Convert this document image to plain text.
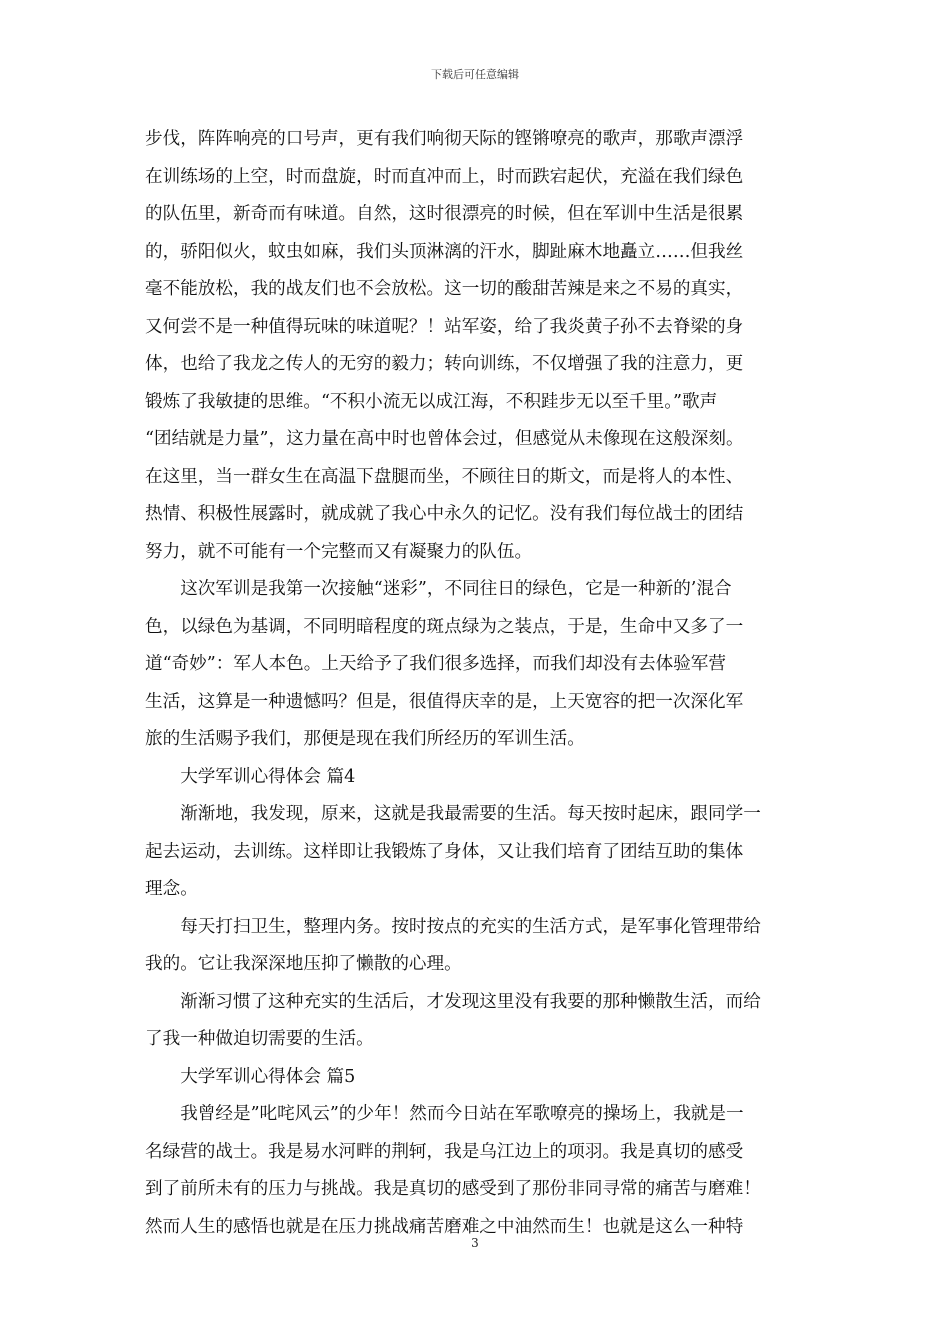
下载后可任意编辑
步伐，阵阵响亮的口号声，更有我们响彻天际的铿锵嘹亮的歌声，那歌声漂浮
在训练场的上空，时而盘旋，时而直冲而上，时而跌宕起伏，充溢在我们绿色
的队伍里，新奇而有味道。自然，这时很漂亮的时候，但在军训中生活是很累
的，骄阳似火，蚊虫如麻，我们头顶淋漓的汗水，脚趾麻木地矗立……但我丝
毫不能放松，我的战友们也不会放松。这一切的酸甜苦辣是来之不易的真实，
又何尝不是一种值得玩味的味道呢？！站军姿，给了我炎黄子孙不去脊梁的身
体，也给了我龙之传人的无穷的毅力；转向训练，不仅增强了我的注意力，更
锻炼了我敏捷的思维。“不积小流无以成江海，不积跬步无以至千里。”歌声
“团结就是力量”，这力量在高中时也曾体会过，但感觉从未像现在这般深刻。
在这里，当一群女生在高温下盘腿而坐，不顾往日的斯文，而是将人的本性、
热情、积极性展露时，就成就了我心中永久的记忆。没有我们每位战士的团结
努力，就不可能有一个完整而又有凝聚力的队伍。
　　这次军训是我第一次接触“迷彩”，不同往日的绿色，它是一种新的’混合
色，以绿色为基调，不同明暗程度的斑点绿为之装点，于是，生命中又多了一
道“奇妙”：军人本色。上天给予了我们很多选择，而我们却没有去体验军营
生活，这算是一种遗憾吗？但是，很值得庆幸的是，上天宽容的把一次深化军
旅的生活赐予我们，那便是现在我们所经历的军训生活。
　　大学军训心得体会 篇4
　　渐渐地，我发现，原来，这就是我最需要的生活。每天按时起床，跟同学一
起去运动，去训练。这样即让我锻炼了身体，又让我们培育了团结互助的集体
理念。
　　每天打扫卫生，整理内务。按时按点的充实的生活方式，是军事化管理带给
我的。它让我深深地压抑了懒散的心理。
　　渐渐习惯了这种充实的生活后，才发现这里没有我要的那种懒散生活，而给
了我一种做迫切需要的生活。
　　大学军训心得体会 篇5
　　我曾经是”叱咤风云”的少年！然而今日站在军歌嘹亮的操场上，我就是一
名绿营的战士。我是易水河畔的荆轲，我是乌江边上的项羽。我是真切的感受
到了前所未有的压力与挑战。我是真切的感受到了那份非同寻常的痛苦与磨难！
然而人生的感悟也就是在压力挑战痛苦磨难之中油然而生！也就是这么一种特
3
